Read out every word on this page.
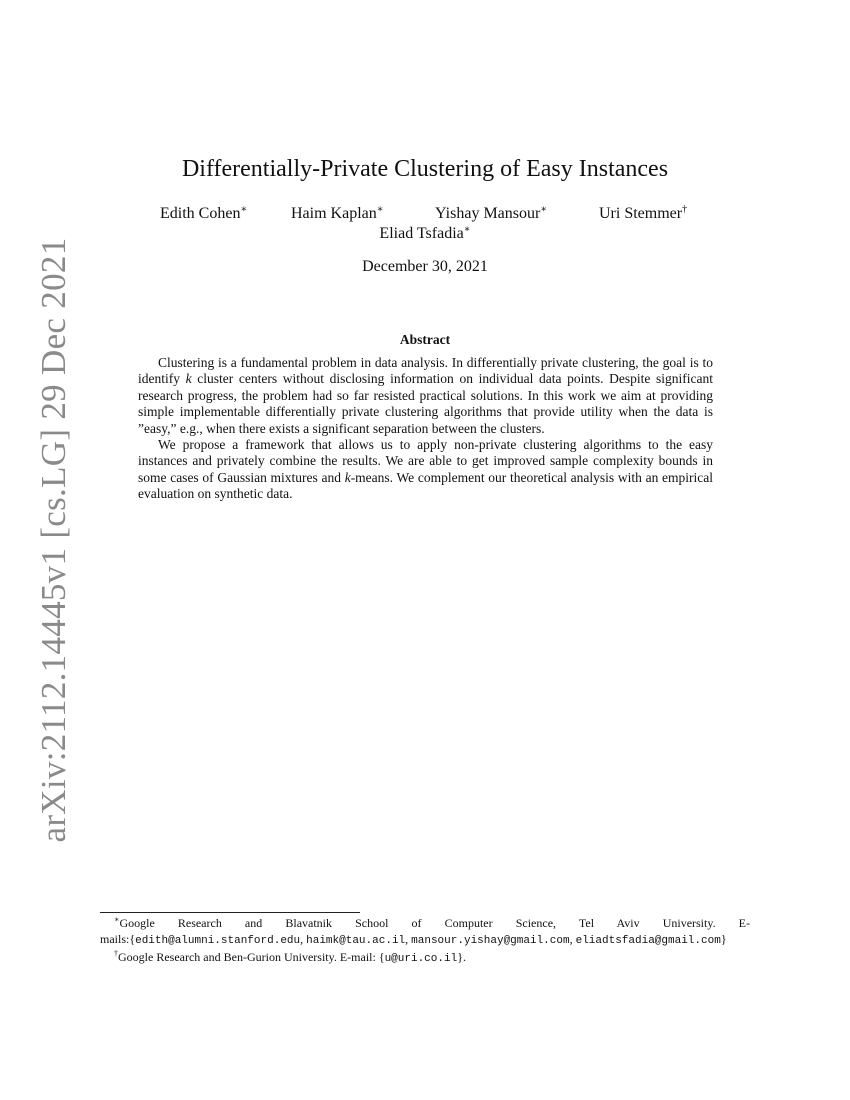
arXiv:2112.14445v1 [cs.LG] 29 Dec 2021
Differentially-Private Clustering of Easy Instances
Edith Cohen∗	Haim Kaplan∗	Yishay Mansour∗	Uri Stemmer†
Eliad Tsfadia∗
December 30, 2021
Abstract

Clustering is a fundamental problem in data analysis. In differentially private clustering, the goal is to identify k cluster centers without disclosing information on individual data points. Despite significant research progress, the problem had so far resisted practical solutions. In this work we aim at providing simple implementable differentially private clustering algorithms that provide utility when the data is ”easy,” e.g., when there exists a significant separation between the clusters.

We propose a framework that allows us to apply non-private clustering algorithms to the easy instances and privately combine the results. We are able to get improved sample complexity bounds in some cases of Gaussian mixtures and k-means. We complement our theoretical analysis with an empirical evaluation on synthetic data.

∗Google Research and Blavatnik School of Computer Science, Tel Aviv University. E-

mails:{edith@alumni.stanford.edu, haimk@tau.ac.il, mansour.yishay@gmail.com, eliadtsfadia@gmail.com}

†Google Research and Ben-Gurion University. E-mail: {u@uri.co.il}.
